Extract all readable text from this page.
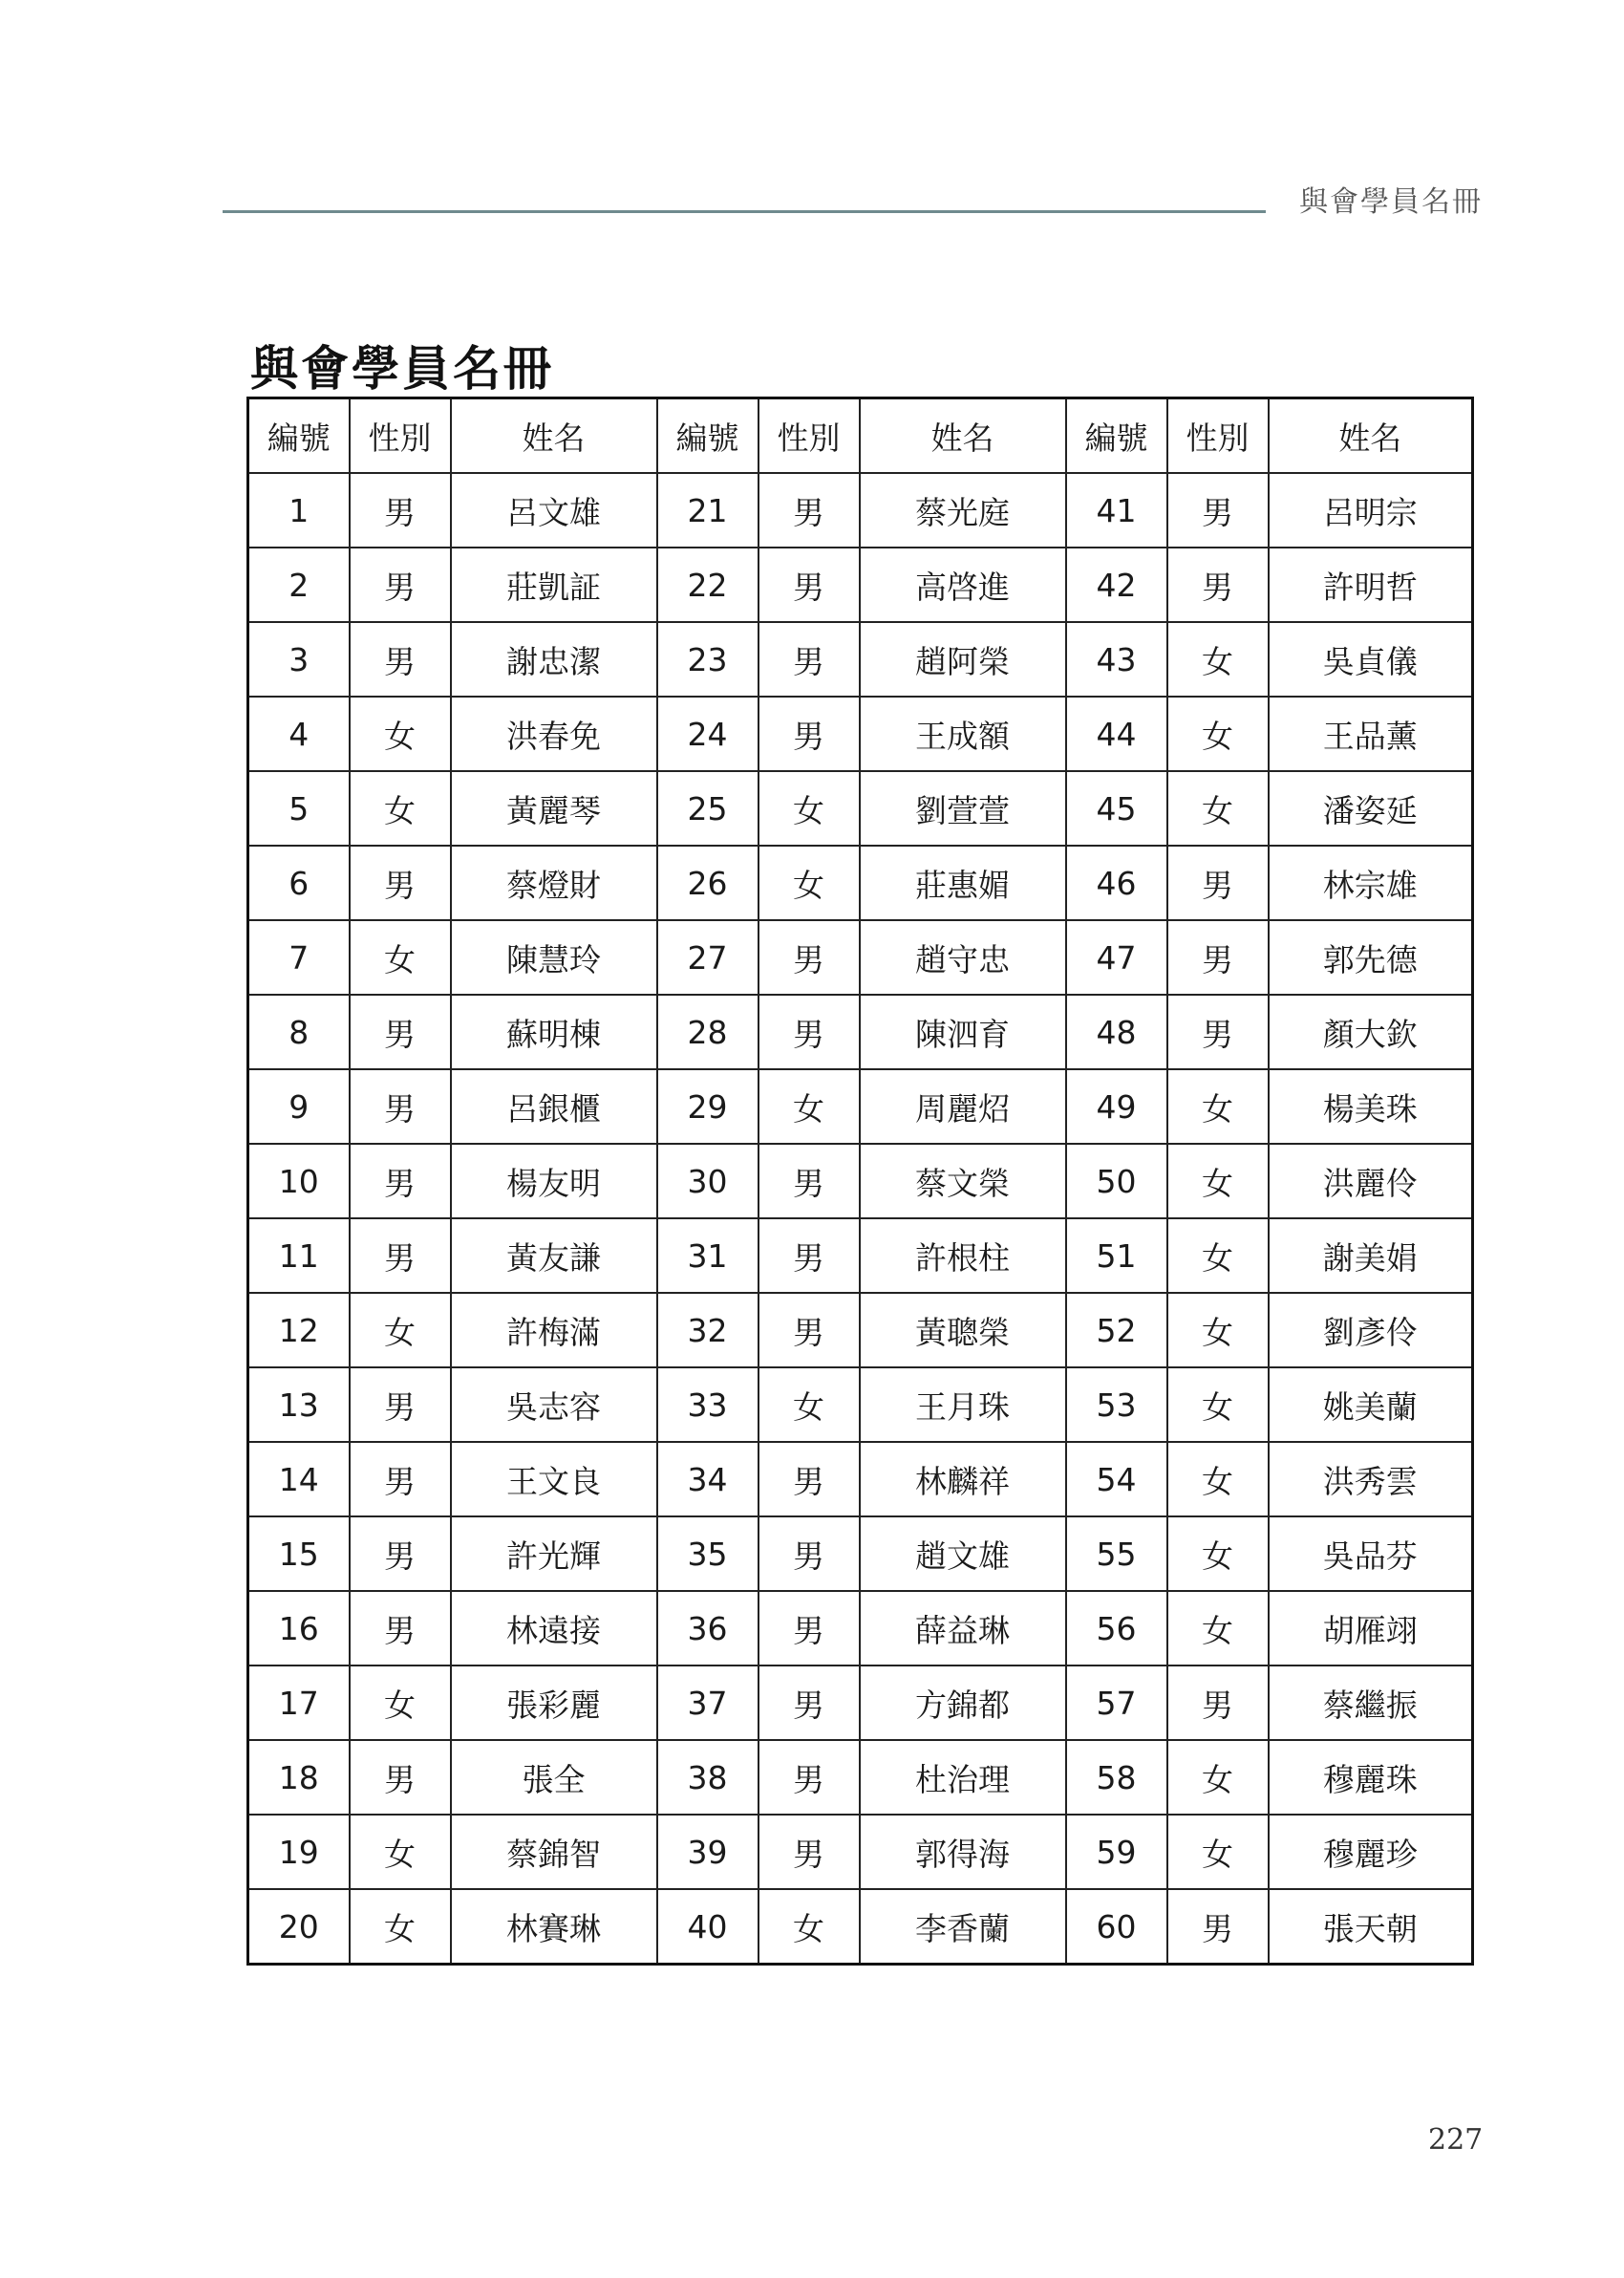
與會學員名冊
與會學員名冊
編號	性別	姓名	編號	性別	姓名	編號	性別	姓名
1	男	呂文雄	21	男	蔡光庭	41	男	呂明宗
2	男	莊凱証	22	男	高啓進	42	男	許明哲
3	男	謝忠潔	23	男	趙阿榮	43	女	吳貞儀
4	女	洪春免	24	男	王成額	44	女	王品薰
5	女	黃麗琴	25	女	劉萱萱	45	女	潘姿延
6	男	蔡燈財	26	女	莊惠媚	46	男	林宗雄
7	女	陳慧玲	27	男	趙守忠	47	男	郭先德
8	男	蘇明棟	28	男	陳泗育	48	男	顏大欽
9	男	呂銀櫃	29	女	周麗炤	49	女	楊美珠
10	男	楊友明	30	男	蔡文榮	50	女	洪麗伶
11	男	黃友謙	31	男	許根柱	51	女	謝美娟
12	女	許梅滿	32	男	黃聰榮	52	女	劉彥伶
13	男	吳志容	33	女	王月珠	53	女	姚美蘭
14	男	王文良	34	男	林麟祥	54	女	洪秀雲
15	男	許光輝	35	男	趙文雄	55	女	吳品芬
16	男	林遠接	36	男	薛益琳	56	女	胡雁翊
17	女	張彩麗	37	男	方錦都	57	男	蔡繼振
18	男	張全	38	男	杜治理	58	女	穆麗珠
19	女	蔡錦智	39	男	郭得海	59	女	穆麗珍
20	女	林賽琳	40	女	李香蘭	60	男	張天朝
227
